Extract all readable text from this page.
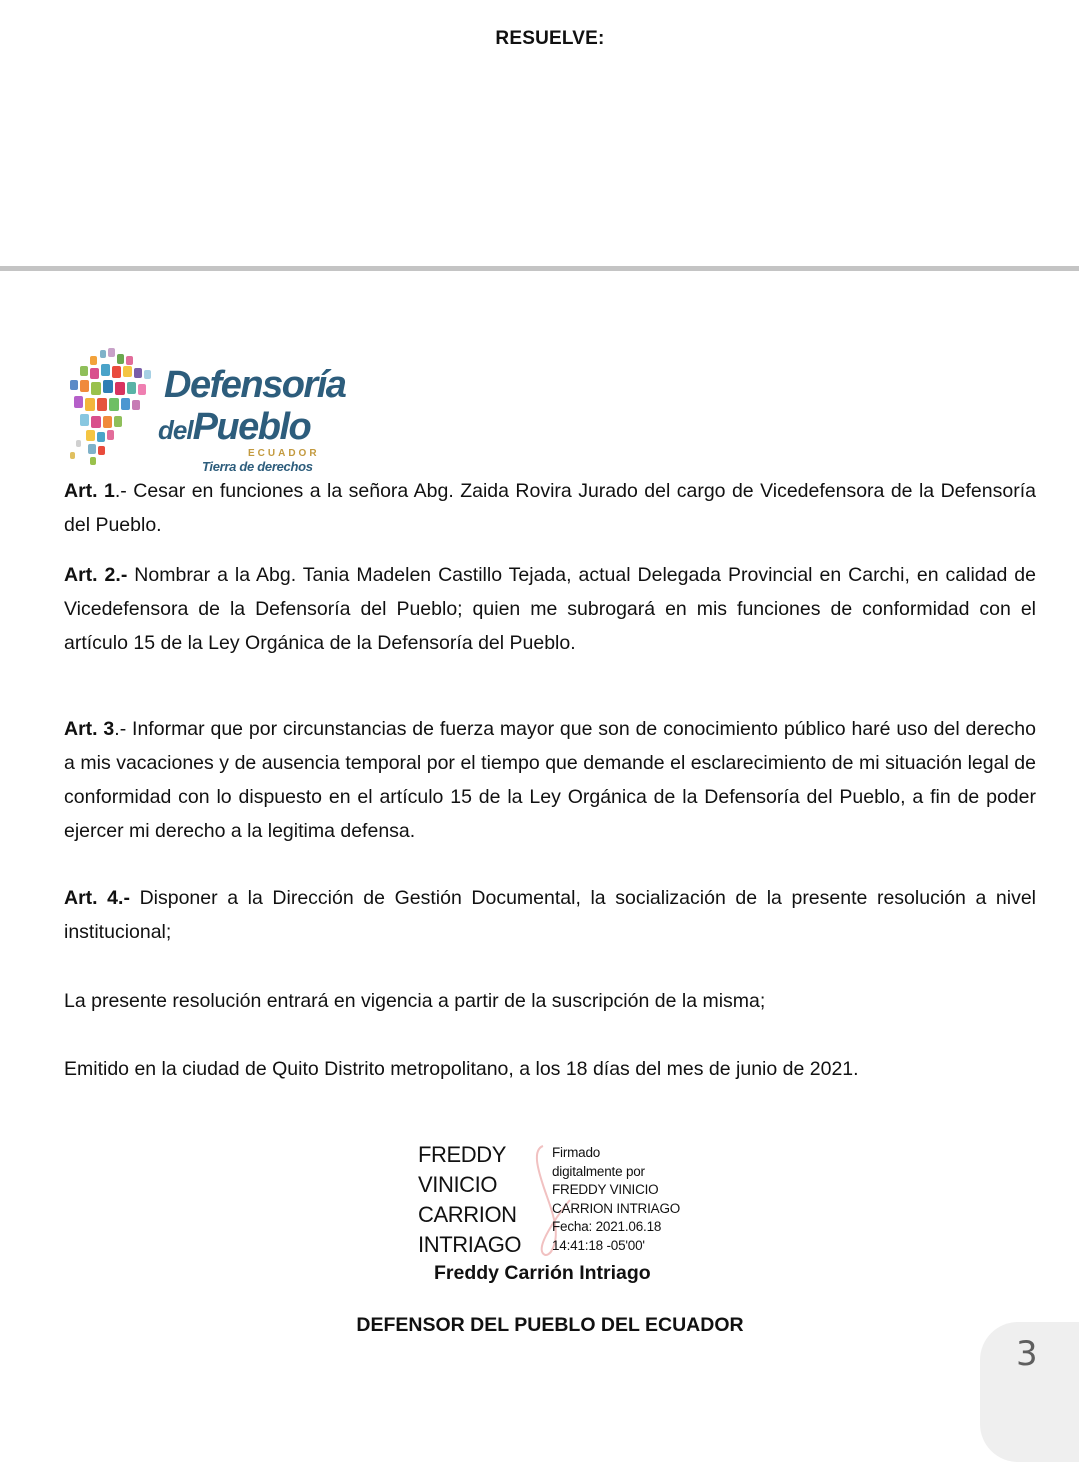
RESUELVE:
Defensoría
delPueblo
ECUADOR
Tierra de derechos

Art. 1.- Cesar en funciones a la señora Abg. Zaida Rovira Jurado del cargo de Vicedefensora de la Defensoría del Pueblo.

Art. 2.- Nombrar a la Abg. Tania Madelen Castillo Tejada, actual Delegada Provincial en Carchi, en calidad de Vicedefensora de la Defensoría del Pueblo; quien me subrogará en mis funciones de conformidad con el artículo 15 de la Ley Orgánica de la Defensoría del Pueblo.

Art. 3.- Informar que por circunstancias de fuerza mayor que son de conocimiento público haré uso del derecho a mis vacaciones y de ausencia temporal por el tiempo que demande el esclarecimiento de mi situación legal de conformidad con lo dispuesto en el artículo 15 de la Ley Orgánica de la Defensoría del Pueblo, a fin de poder ejercer mi derecho a la legitima defensa.

Art. 4.- Disponer a la Dirección de Gestión Documental, la socialización de la presente resolución a nivel institucional;

La presente resolución entrará en vigencia a partir de la suscripción de la misma;

Emitido en la ciudad de Quito Distrito metropolitano, a los 18 días del mes de junio de 2021.

FREDDY
VINICIO
CARRION
INTRIAGO
Firmado
digitalmente por
FREDDY VINICIO
CARRION INTRIAGO
Fecha: 2021.06.18
14:41:18 -05'00'
Freddy Carrión Intriago
DEFENSOR DEL PUEBLO DEL ECUADOR
3
